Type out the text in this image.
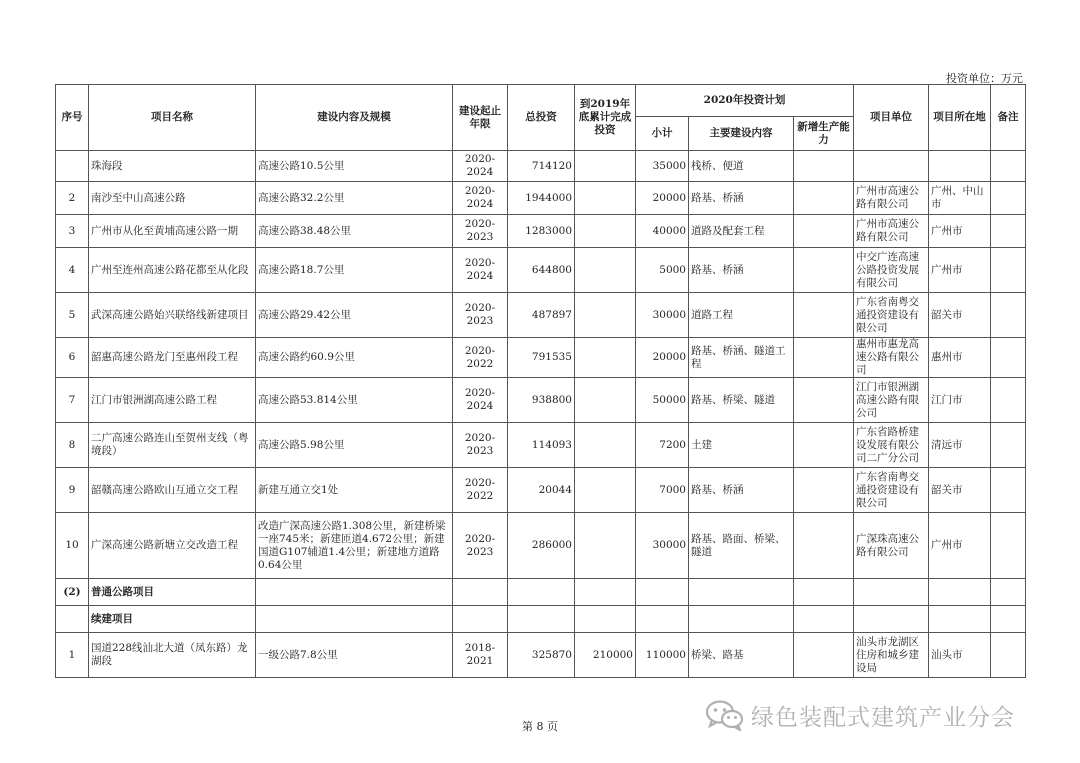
投资单位：万元
序号	项目名称	建设内容及规模	建设起止年限	总投资	到2019年底累计完成投资	2020年投资计划			项目单位	项目所在地	备注
						小计	主要建设内容	新增生产能力			
	珠海段	高速公路10.5公里	2020-2024	714120		35000	栈桥、便道				
2	南沙至中山高速公路	高速公路32.2公里	2020-2024	1944000		20000	路基、桥涵		广州市高速公路有限公司	广州、中山市	
3	广州市从化至黄埔高速公路一期	高速公路38.48公里	2020-2023	1283000		40000	道路及配套工程		广州市高速公路有限公司	广州市	
4	广州至连州高速公路花都至从化段	高速公路18.7公里	2020-2024	644800		5000	路基、桥涵		中交广连高速公路投资发展有限公司	广州市	
5	武深高速公路始兴联络线新建项目	高速公路29.42公里	2020-2023	487897		30000	道路工程		广东省南粤交通投资建设有限公司	韶关市	
6	韶惠高速公路龙门至惠州段工程	高速公路约60.9公里	2020-2022	791535		20000	路基、桥涵、隧道工程		惠州市惠龙高速公路有限公司	惠州市	
7	江门市银洲湖高速公路工程	高速公路53.814公里	2020-2024	938800		50000	路基、桥梁、隧道		江门市银洲湖高速公路有限公司	江门市	
8	二广高速公路连山至贺州支线（粤境段）	高速公路5.98公里	2020-2023	114093		7200	土建		广东省路桥建设发展有限公司二广分公司	清远市	
9	韶赣高速公路欧山互通立交工程	新建互通立交1处	2020-2022	20044		7000	路基、桥涵		广东省南粤交通投资建设有限公司	韶关市	
10	广深高速公路新塘立交改造工程	改造广深高速公路1.308公里，新建桥梁一座745米；新建匝道4.672公里；新建国道G107辅道1.4公里；新建地方道路0.64公里	2020-2023	286000		30000	路基、路面、桥梁、隧道		广深珠高速公路有限公司	广州市	
(2)	普通公路项目										
	续建项目										
1	国道228线汕北大道（凤东路）龙湖段	一级公路7.8公里	2018-2021	325870	210000	110000	桥梁、路基		汕头市龙湖区住房和城乡建设局	汕头市	
第 8 页	绿色装配式建筑产业分会
